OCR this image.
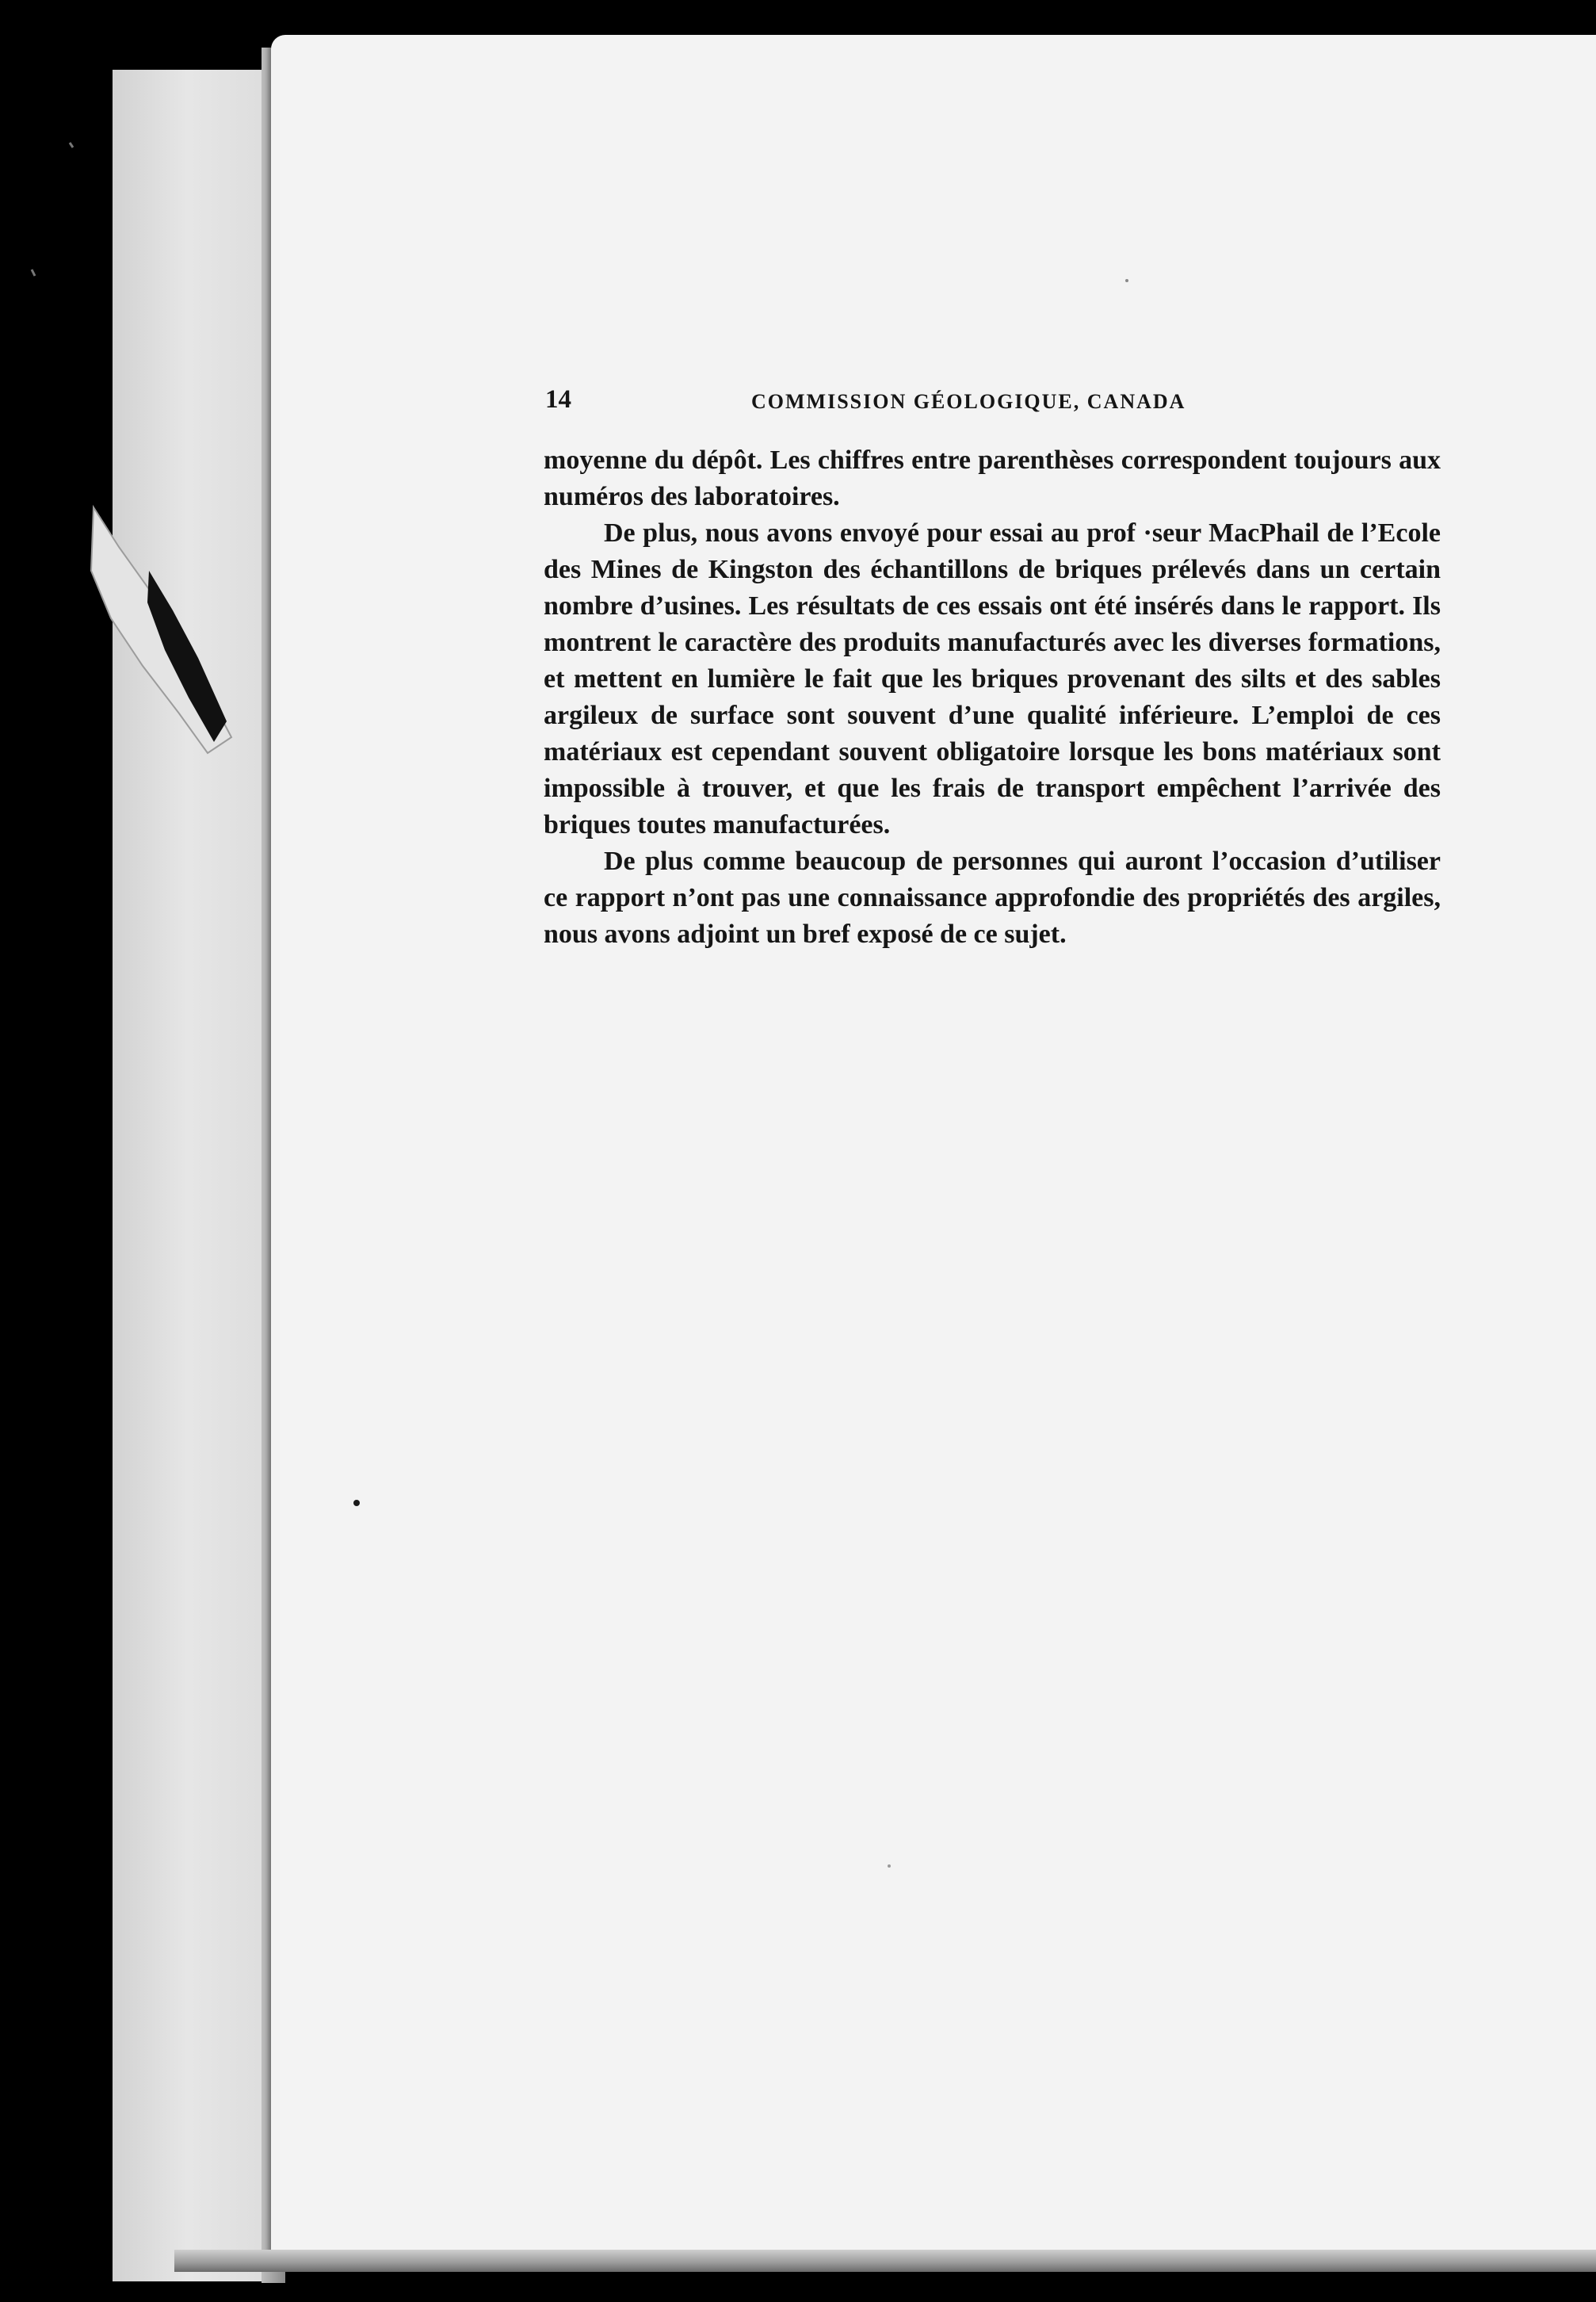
14	COMMISSION GÉOLOGIQUE, CANADA

moyenne du dépôt. Les chiffres entre parenthèses correspondent toujours aux numéros des laboratoires.

De plus, nous avons envoyé pour essai au prof ·seur MacPhail de l’Ecole des Mines de Kingston des échantillons de briques prélevés dans un certain nombre d’usines. Les résultats de ces essais ont été insérés dans le rapport. Ils montrent le caractère des produits manufacturés avec les diverses formations, et mettent en lumière le fait que les briques provenant des silts et des sables argileux de surface sont souvent d’une qualité inférieure. L’emploi de ces matériaux est cependant souvent obligatoire lorsque les bons matériaux sont impossible à trouver, et que les frais de transport empêchent l’arrivée des briques toutes manufacturées.

De plus comme beaucoup de personnes qui auront l’occasion d’utiliser ce rapport n’ont pas une connaissance approfondie des propriétés des argiles, nous avons adjoint un bref exposé de ce sujet.
